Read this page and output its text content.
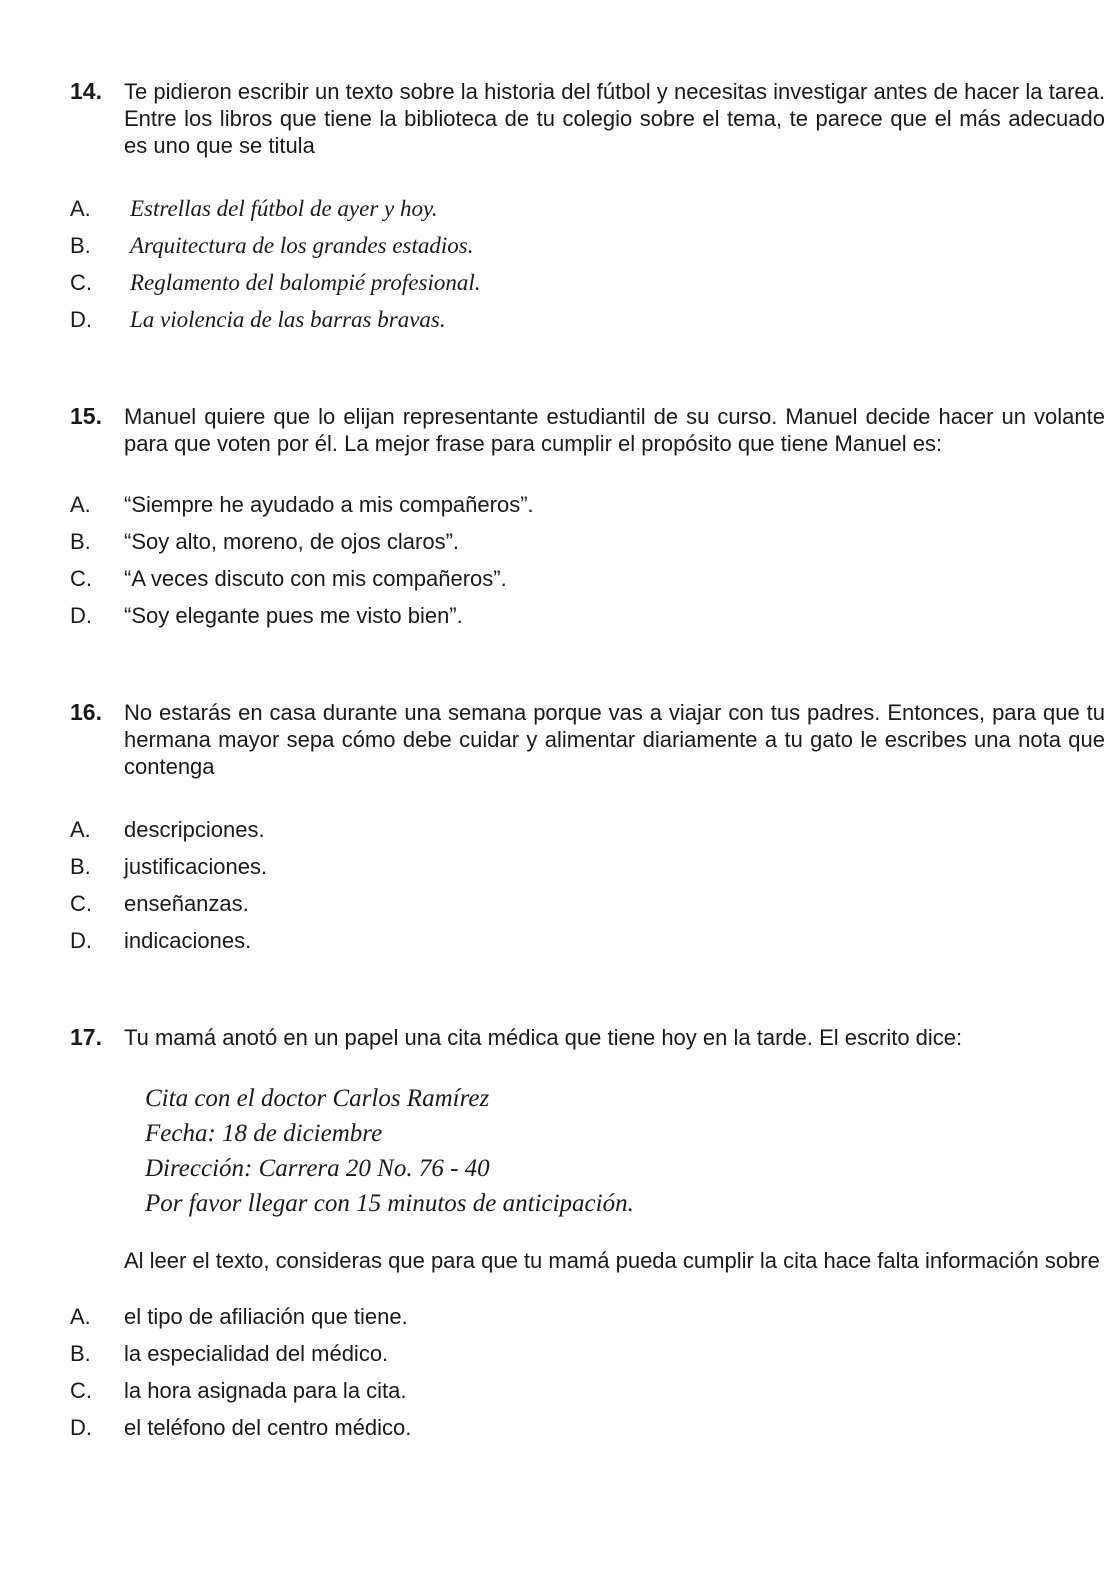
14. Te pidieron escribir un texto sobre la historia del fútbol y necesitas investigar antes de hacer la tarea. Entre los libros que tiene la biblioteca de tu colegio sobre el tema, te parece que el más adecuado es uno que se titula
A. Estrellas del fútbol de ayer y hoy.
B. Arquitectura de los grandes estadios.
C. Reglamento del balompié profesional.
D. La violencia de las barras bravas.
15. Manuel quiere que lo elijan representante estudiantil de su curso. Manuel decide hacer un volante para que voten por él. La mejor frase para cumplir el propósito que tiene Manuel es:
A. “Siempre he ayudado a mis compañeros”.
B. “Soy alto, moreno, de ojos claros”.
C. “A veces discuto con mis compañeros”.
D. “Soy elegante pues me visto bien”.
16. No estarás en casa durante una semana porque vas a viajar con tus padres. Entonces, para que tu hermana mayor sepa cómo debe cuidar y alimentar diariamente a tu gato le escribes una nota que contenga
A. descripciones.
B. justificaciones.
C. enseñanzas.
D. indicaciones.
17. Tu mamá anotó en un papel una cita médica que tiene hoy en la tarde. El escrito dice:
Cita con el doctor Carlos Ramírez
Fecha: 18 de diciembre
Dirección: Carrera 20 No. 76 - 40
Por favor llegar con 15 minutos de anticipación.
Al leer el texto, consideras que para que tu mamá pueda cumplir la cita hace falta información sobre
A. el tipo de afiliación que tiene.
B. la especialidad del médico.
C. la hora asignada para la cita.
D. el teléfono del centro médico.
